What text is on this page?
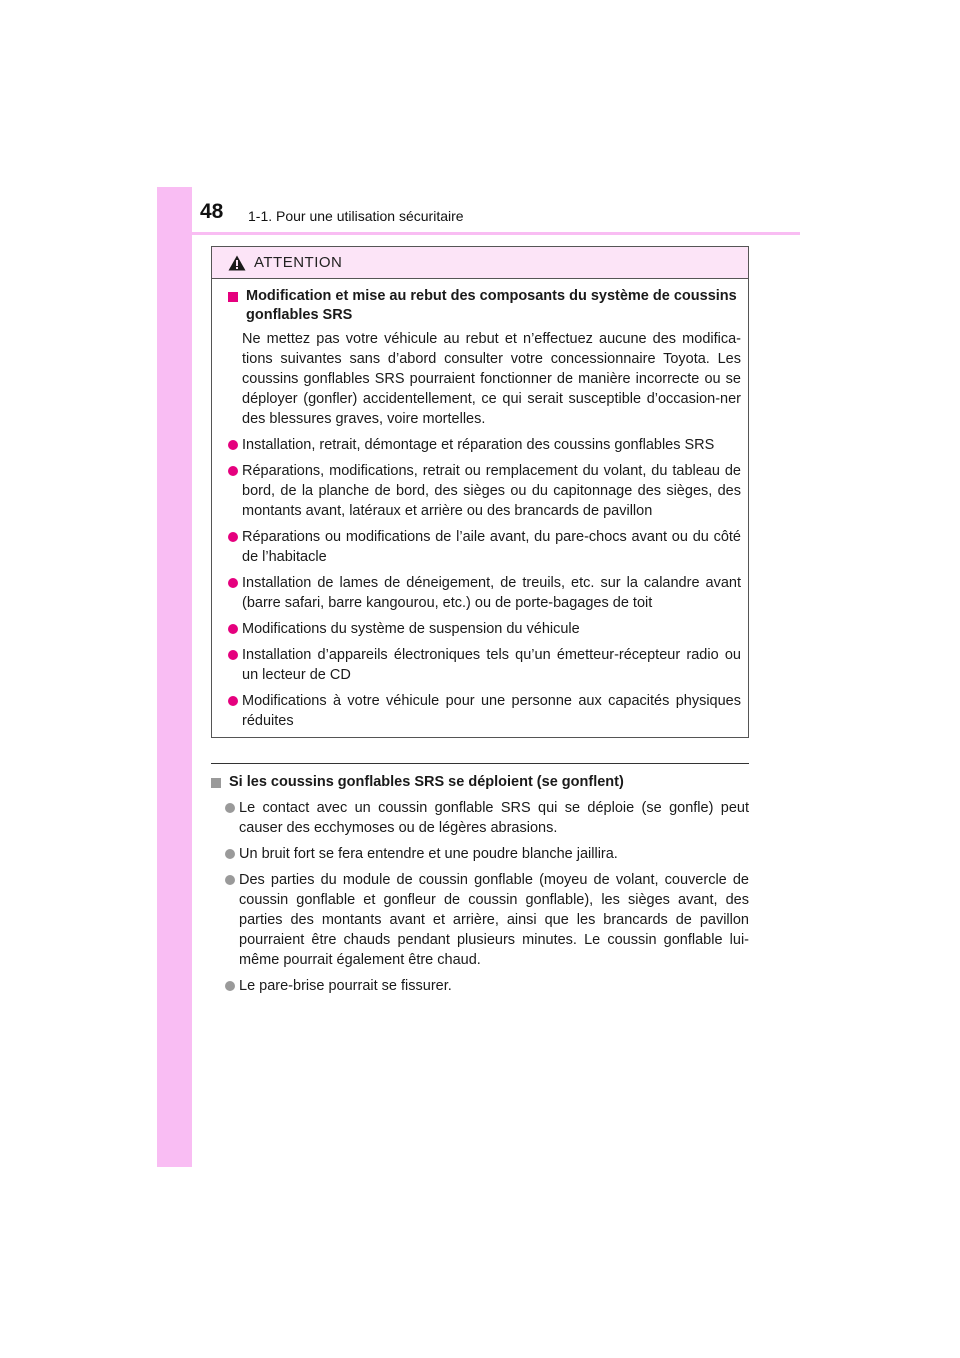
48 1-1. Pour une utilisation sécuritaire
ATTENTION
Modification et mise au rebut des composants du système de coussins gonflables SRS
Ne mettez pas votre véhicule au rebut et n’effectuez aucune des modifica-tions suivantes sans d’abord consulter votre concessionnaire Toyota. Les coussins gonflables SRS pourraient fonctionner de manière incorrecte ou se déployer (gonfler) accidentellement, ce qui serait susceptible d’occasion-ner des blessures graves, voire mortelles.
Installation, retrait, démontage et réparation des coussins gonflables SRS
Réparations, modifications, retrait ou remplacement du volant, du tableau de bord, de la planche de bord, des sièges ou du capitonnage des sièges, des montants avant, latéraux et arrière ou des brancards de pavillon
Réparations ou modifications de l’aile avant, du pare-chocs avant ou du côté de l’habitacle
Installation de lames de déneigement, de treuils, etc. sur la calandre avant (barre safari, barre kangourou, etc.) ou de porte-bagages de toit
Modifications du système de suspension du véhicule
Installation d’appareils électroniques tels qu’un émetteur-récepteur radio ou un lecteur de CD
Modifications à votre véhicule pour une personne aux capacités physiques réduites
Si les coussins gonflables SRS se déploient (se gonflent)
Le contact avec un coussin gonflable SRS qui se déploie (se gonfle) peut causer des ecchymoses ou de légères abrasions.
Un bruit fort se fera entendre et une poudre blanche jaillira.
Des parties du module de coussin gonflable (moyeu de volant, couvercle de coussin gonflable et gonfleur de coussin gonflable), les sièges avant, des parties des montants avant et arrière, ainsi que les brancards de pavillon pourraient être chauds pendant plusieurs minutes. Le coussin gonflable lui-même pourrait également être chaud.
Le pare-brise pourrait se fissurer.
